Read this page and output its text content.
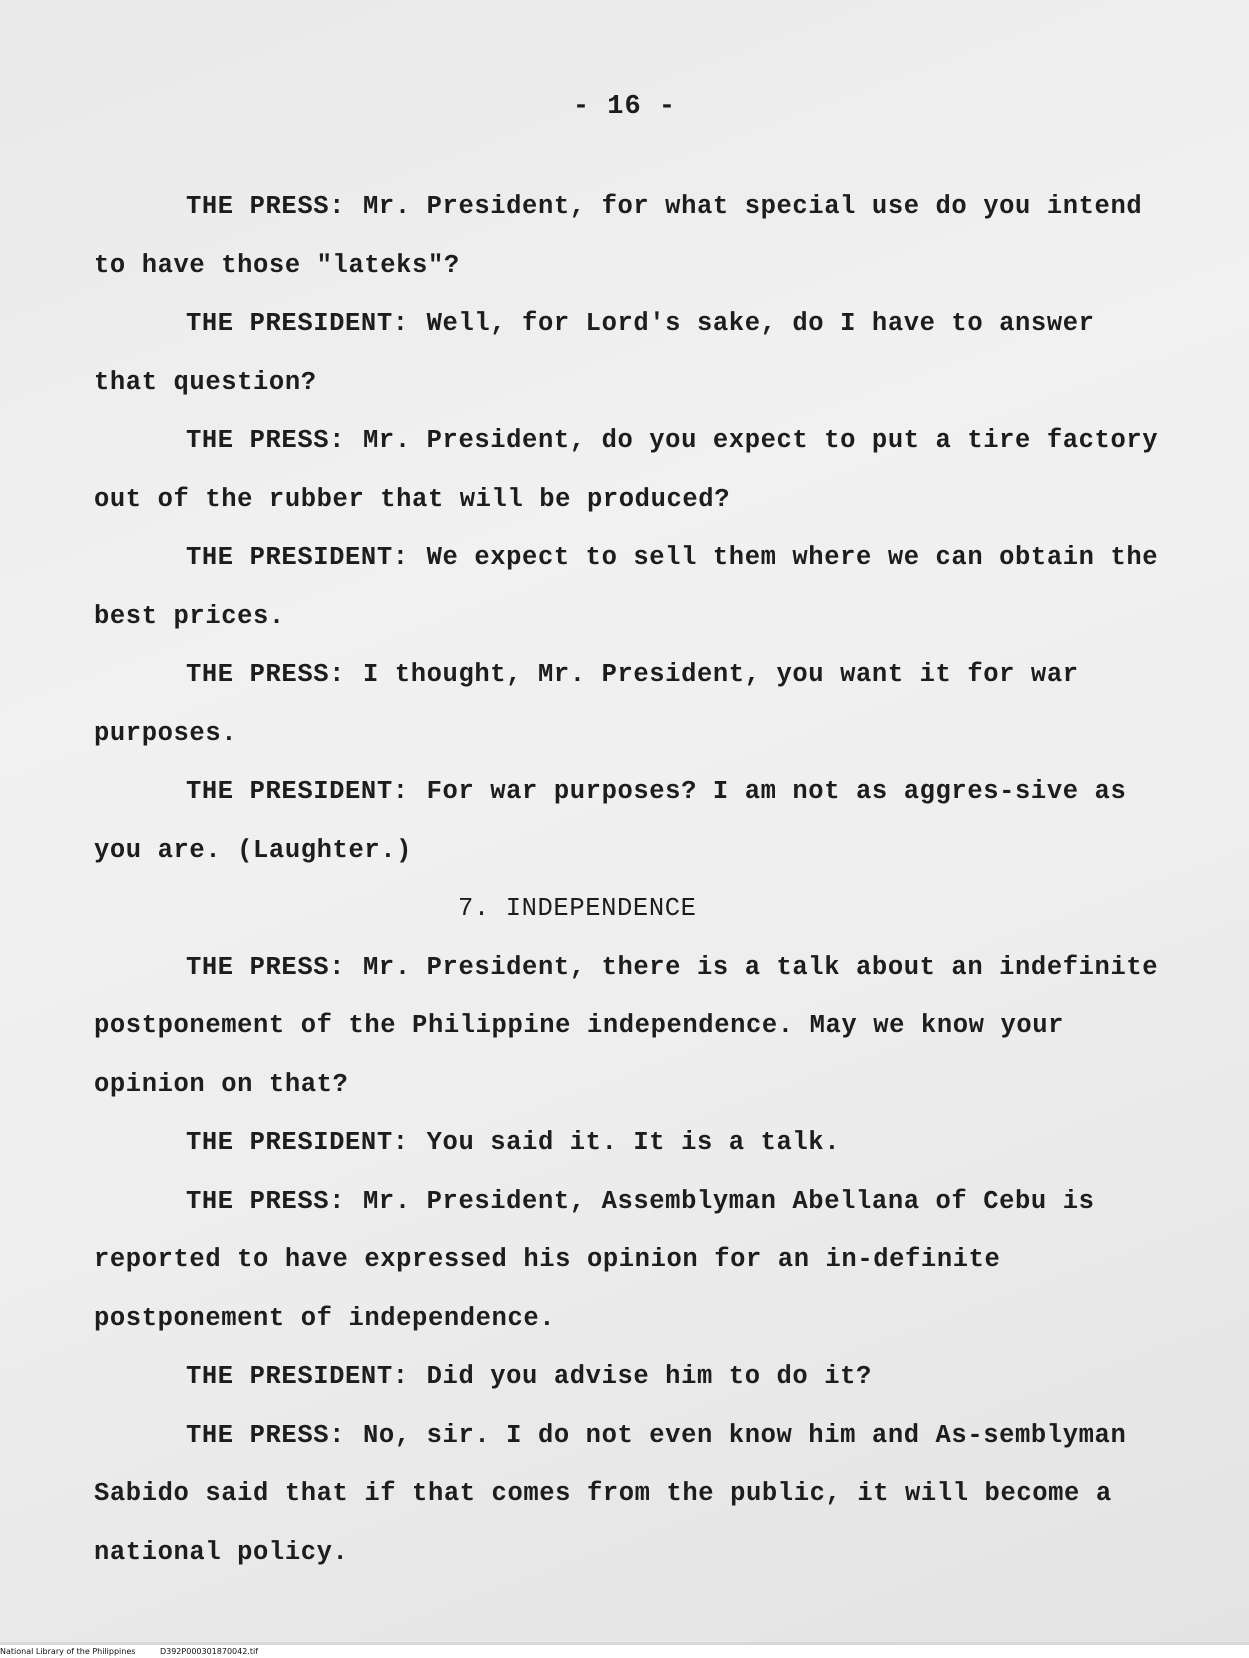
- 16 -

THE PRESS: Mr. President, for what special use do you intend to have those "lateks"?

THE PRESIDENT: Well, for Lord's sake, do I have to answer that question?

THE PRESS: Mr. President, do you expect to put a tire factory out of the rubber that will be produced?

THE PRESIDENT: We expect to sell them where we can obtain the best prices.

THE PRESS: I thought, Mr. President, you want it for war purposes.

THE PRESIDENT: For war purposes? I am not as aggres-sive as you are. (Laughter.)

7. INDEPENDENCE

THE PRESS: Mr. President, there is a talk about an indefinite postponement of the Philippine independence. May we know your opinion on that?

THE PRESIDENT: You said it. It is a talk.

THE PRESS: Mr. President, Assemblyman Abellana of Cebu is reported to have expressed his opinion for an in-definite postponement of independence.

THE PRESIDENT: Did you advise him to do it?

THE PRESS: No, sir. I do not even know him and As-semblyman Sabido said that if that comes from the public, it will become a national policy.

National Library of the Philippines	D392P000301870042.tif
